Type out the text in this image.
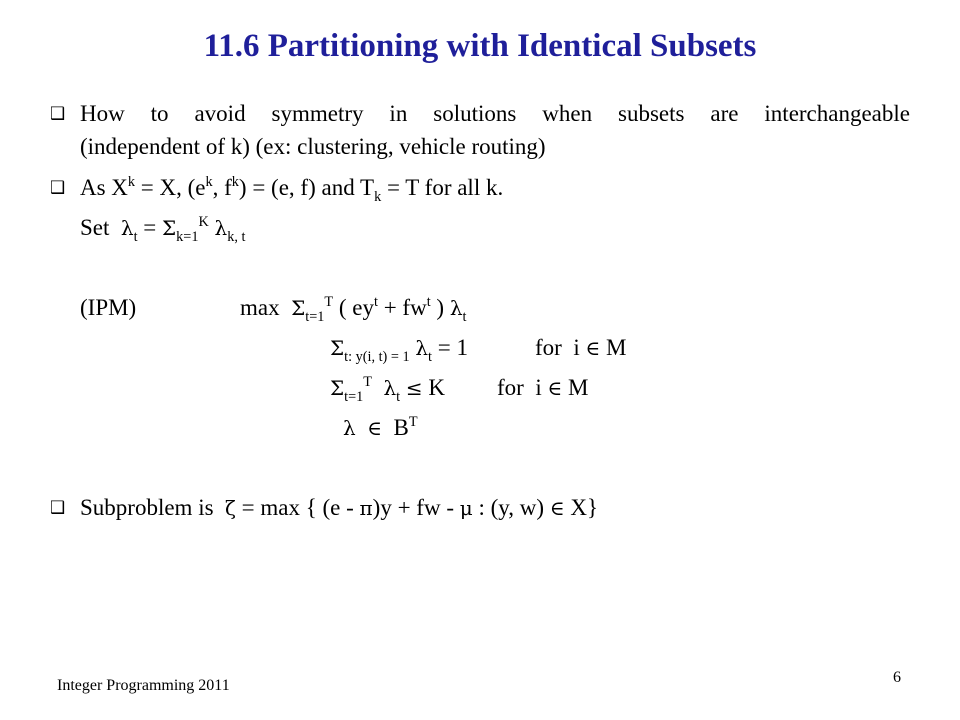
11.6 Partitioning with Identical Subsets
❑ How to avoid symmetry in solutions when subsets are interchangeable
(independent of k) (ex: clustering, vehicle routing)
❑ As $X^k = X$, ($e^k$, $f^k) = (e$, f) and $T_k = T$ for all k.
Set  $\lambda_t = \Sigma_{k=1}^K$ $\lambda_{k, t}$
(IPM)	$\max \Sigma_{t=1}^T$ ( $ey^t + fw^t$ ) $\lambda_t$
$\Sigma_{t: y(i, t) = 1}$ $\lambda_t = 1$	for  i ∈ M
$\Sigma_{t=1}^T$ $\lambda_t \le K$ for  i ∈ M
λ ∈  $B^T$
❑ Subproblem is  ζ = max { (e - π)y + fw - μ : (y, w) ∈ X}
Integer Programming 2011	6
